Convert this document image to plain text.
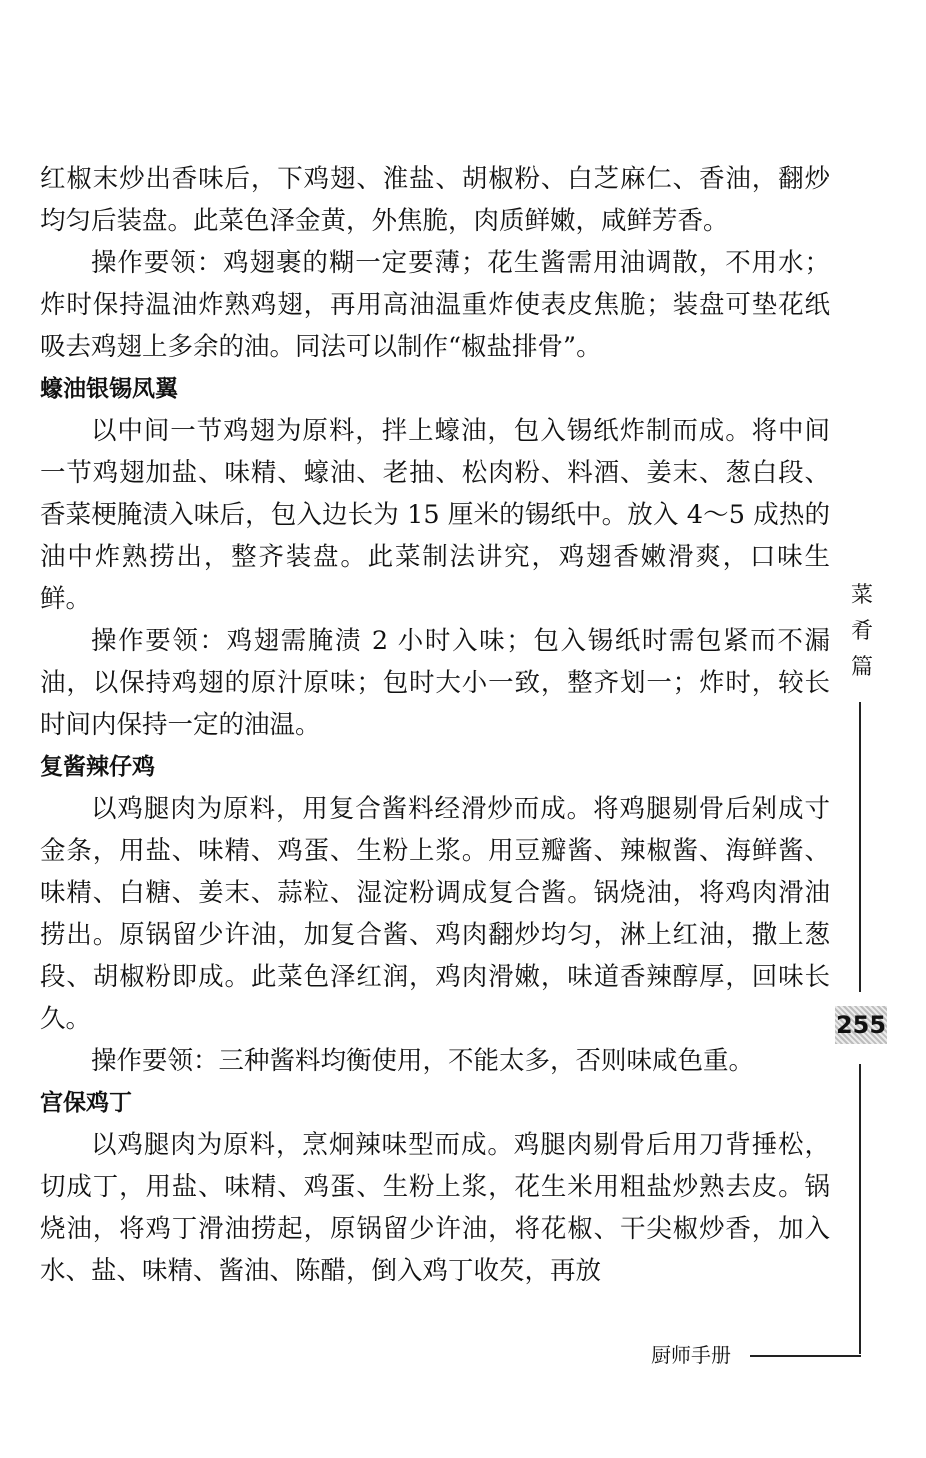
红椒末炒出香味后，下鸡翅、淮盐、胡椒粉、白芝麻仁、香油，翻炒均匀后装盘。此菜色泽金黄，外焦脆，肉质鲜嫩，咸鲜芳香。

操作要领：鸡翅裹的糊一定要薄；花生酱需用油调散，不用水；炸时保持温油炸熟鸡翅，再用高油温重炸使表皮焦脆；装盘可垫花纸吸去鸡翅上多余的油。同法可以制作“椒盐排骨”。

蠔油银锡凤翼

以中间一节鸡翅为原料，拌上蠔油，包入锡纸炸制而成。将中间一节鸡翅加盐、味精、蠔油、老抽、松肉粉、料酒、姜末、葱白段、香菜梗腌渍入味后，包入边长为 15 厘米的锡纸中。放入 4～5 成热的油中炸熟捞出，整齐装盘。此菜制法讲究，鸡翅香嫩滑爽，口味生鲜。

操作要领：鸡翅需腌渍 2 小时入味；包入锡纸时需包紧而不漏油，以保持鸡翅的原汁原味；包时大小一致，整齐划一；炸时，较长时间内保持一定的油温。

复酱辣仔鸡

以鸡腿肉为原料，用复合酱料经滑炒而成。将鸡腿剔骨后剁成寸金条，用盐、味精、鸡蛋、生粉上浆。用豆瓣酱、辣椒酱、海鲜酱、味精、白糖、姜末、蒜粒、湿淀粉调成复合酱。锅烧油，将鸡肉滑油捞出。原锅留少许油，加复合酱、鸡肉翻炒均匀，淋上红油，撒上葱段、胡椒粉即成。此菜色泽红润，鸡肉滑嫩，味道香辣醇厚，回味长久。

操作要领：三种酱料均衡使用，不能太多，否则味咸色重。

宫保鸡丁

以鸡腿肉为原料，烹炯辣味型而成。鸡腿肉剔骨后用刀背捶松，切成丁，用盐、味精、鸡蛋、生粉上浆，花生米用粗盐炒熟去皮。锅烧油，将鸡丁滑油捞起，原锅留少许油，将花椒、干尖椒炒香，加入水、盐、味精、酱油、陈醋，倒入鸡丁收芡，再放

菜
肴
篇
255
厨师手册
